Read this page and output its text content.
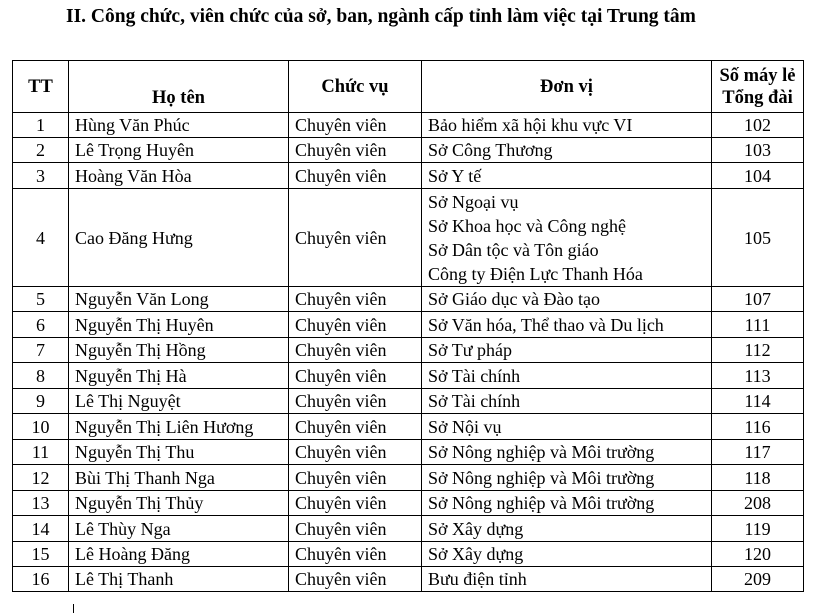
II. Công chức, viên chức của sở, ban, ngành cấp tỉnh làm việc tại Trung tâm
TT	Họ tên	Chức vụ	Đơn vị	Số máy lẻ
Tổng đài

1	Hùng Văn Phúc	Chuyên viên	Bảo hiểm xã hội khu vực VI	102
2	Lê Trọng Huyên	Chuyên viên	Sở Công Thương	103
3	Hoàng Văn Hòa	Chuyên viên	Sở Y tế	104
4	Cao Đăng Hưng	Chuyên viên	Sở Ngoại vụ
Sở Khoa học và Công nghệ
Sở Dân tộc và Tôn giáo
Công ty Điện Lực Thanh Hóa	105
5	Nguyễn Văn Long	Chuyên viên	Sở Giáo dục và Đào tạo	107
6	Nguyễn Thị Huyên	Chuyên viên	Sở Văn hóa, Thể thao và Du lịch	111
7	Nguyễn Thị Hồng	Chuyên viên	Sở Tư pháp	112
8	Nguyễn Thị Hà	Chuyên viên	Sở Tài chính	113
9	Lê Thị Nguyệt	Chuyên viên	Sở Tài chính	114
10	Nguyễn Thị Liên Hương	Chuyên viên	Sở Nội vụ	116
11	Nguyễn Thị Thu	Chuyên viên	Sở Nông nghiệp và Môi trường	117
12	Bùi Thị Thanh Nga	Chuyên viên	Sở Nông nghiệp và Môi trường	118
13	Nguyễn Thị Thủy	Chuyên viên	Sở Nông nghiệp và Môi trường	208
14	Lê Thùy Nga	Chuyên viên	Sở Xây dựng	119
15	Lê Hoàng Đăng	Chuyên viên	Sở Xây dựng	120
16	Lê Thị Thanh	Chuyên viên	Bưu điện tỉnh	209
